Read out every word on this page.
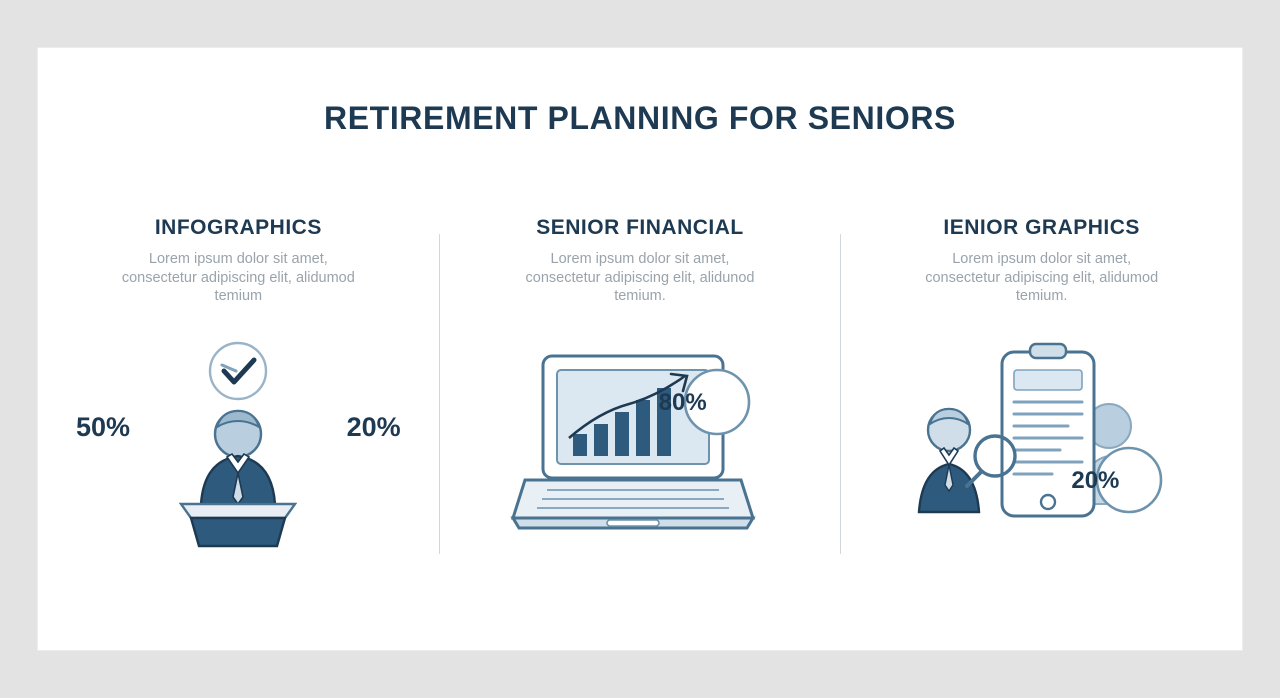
RETIREMENT PLANNING FOR SENIORS
INFOGRAPHICS
Lorem ipsum dolor sit amet, consectetur adipiscing elit, alidumod temium
50%	20%
SENIOR FINANCIAL
Lorem ipsum dolor sit amet, consectetur adipiscing elit, alidunod temium.
80%
IENIOR GRAPHICS
Lorem ipsum dolor sit amet, consectetur adipiscing elit, alidumod temium.
20%
